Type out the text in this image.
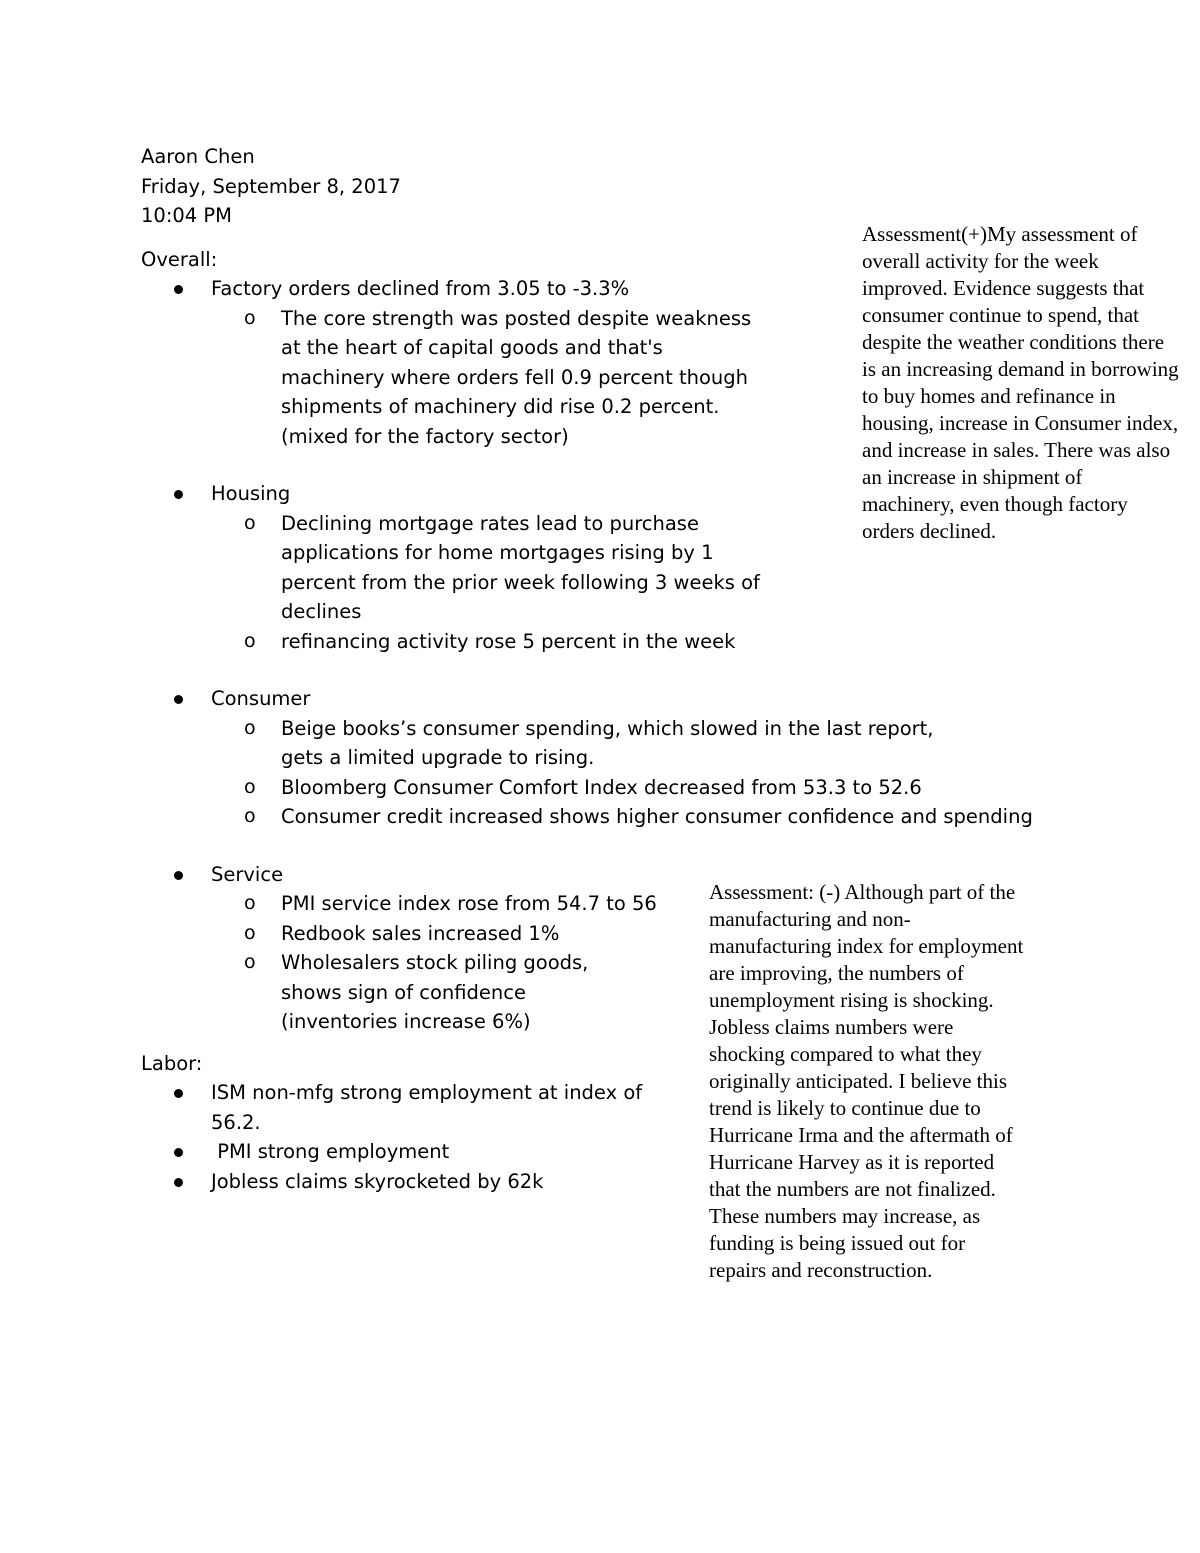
Aaron Chen
Friday, September 8, 2017
10:04 PM
Overall:
Factory orders declined from 3.05 to -3.3%
o The core strength was posted despite weakness at the heart of capital goods and that's machinery where orders fell 0.9 percent though shipments of machinery did rise 0.2 percent. (mixed for the factory sector)
Housing
o Declining mortgage rates lead to purchase applications for home mortgages rising by 1 percent from the prior week following 3 weeks of declines
o refinancing activity rose 5 percent in the week
Consumer
o Beige books’s consumer spending, which slowed in the last report, gets a limited upgrade to rising.
o Bloomberg Consumer Comfort Index decreased from 53.3 to 52.6
o Consumer credit increased shows higher consumer confidence and spending
Service
o PMI service index rose from 54.7 to 56
o Redbook sales increased 1%
o Wholesalers stock piling goods, shows sign of confidence (inventories increase 6%)
Labor:
ISM non-mfg strong employment at index of 56.2.
PMI strong employment
Jobless claims skyrocketed by 62k

Assessment(+)My assessment of overall activity for the week improved. Evidence suggests that consumer continue to spend, that despite the weather conditions there is an increasing demand in borrowing to buy homes and refinance in housing, increase in Consumer index, and increase in sales. There was also an increase in shipment of machinery, even though factory orders declined.

Assessment: (-) Although part of the manufacturing and non-manufacturing index for employment are improving, the numbers of unemployment rising is shocking. Jobless claims numbers were shocking compared to what they originally anticipated. I believe this trend is likely to continue due to Hurricane Irma and the aftermath of Hurricane Harvey as it is reported that the numbers are not finalized. These numbers may increase, as funding is being issued out for repairs and reconstruction.
